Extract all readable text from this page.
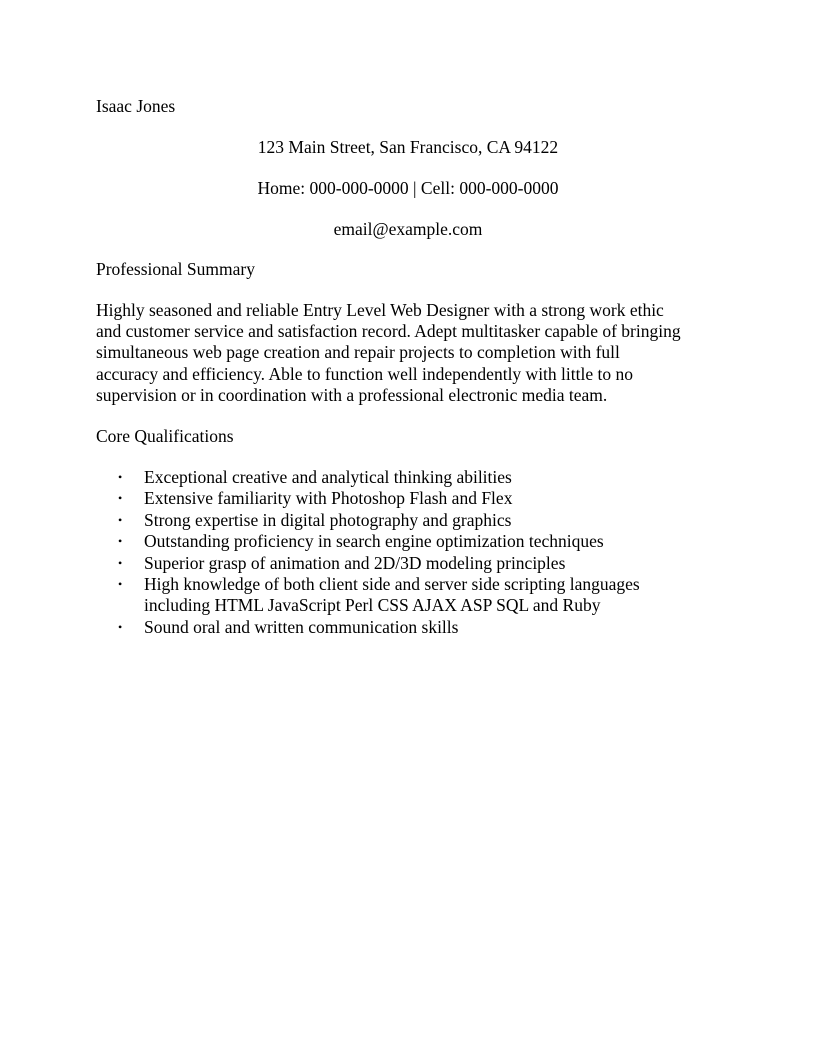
Isaac Jones
123 Main Street, San Francisco, CA 94122
Home: 000-000-0000 | Cell: 000-000-0000
email@example.com
Professional Summary

Highly seasoned and reliable Entry Level Web Designer with a strong work ethic
and customer service and satisfaction record. Adept multitasker capable of bringing
simultaneous web page creation and repair projects to completion with full
accuracy and efficiency. Able to function well independently with little to no
supervision or in coordination with a professional electronic media team.

Core Qualifications
• Exceptional creative and analytical thinking abilities
• Extensive familiarity with Photoshop Flash and Flex
• Strong expertise in digital photography and graphics
• Outstanding proficiency in search engine optimization techniques
• Superior grasp of animation and 2D/3D modeling principles
• High knowledge of both client side and server side scripting languages
including HTML JavaScript Perl CSS AJAX ASP SQL and Ruby
• Sound oral and written communication skills
